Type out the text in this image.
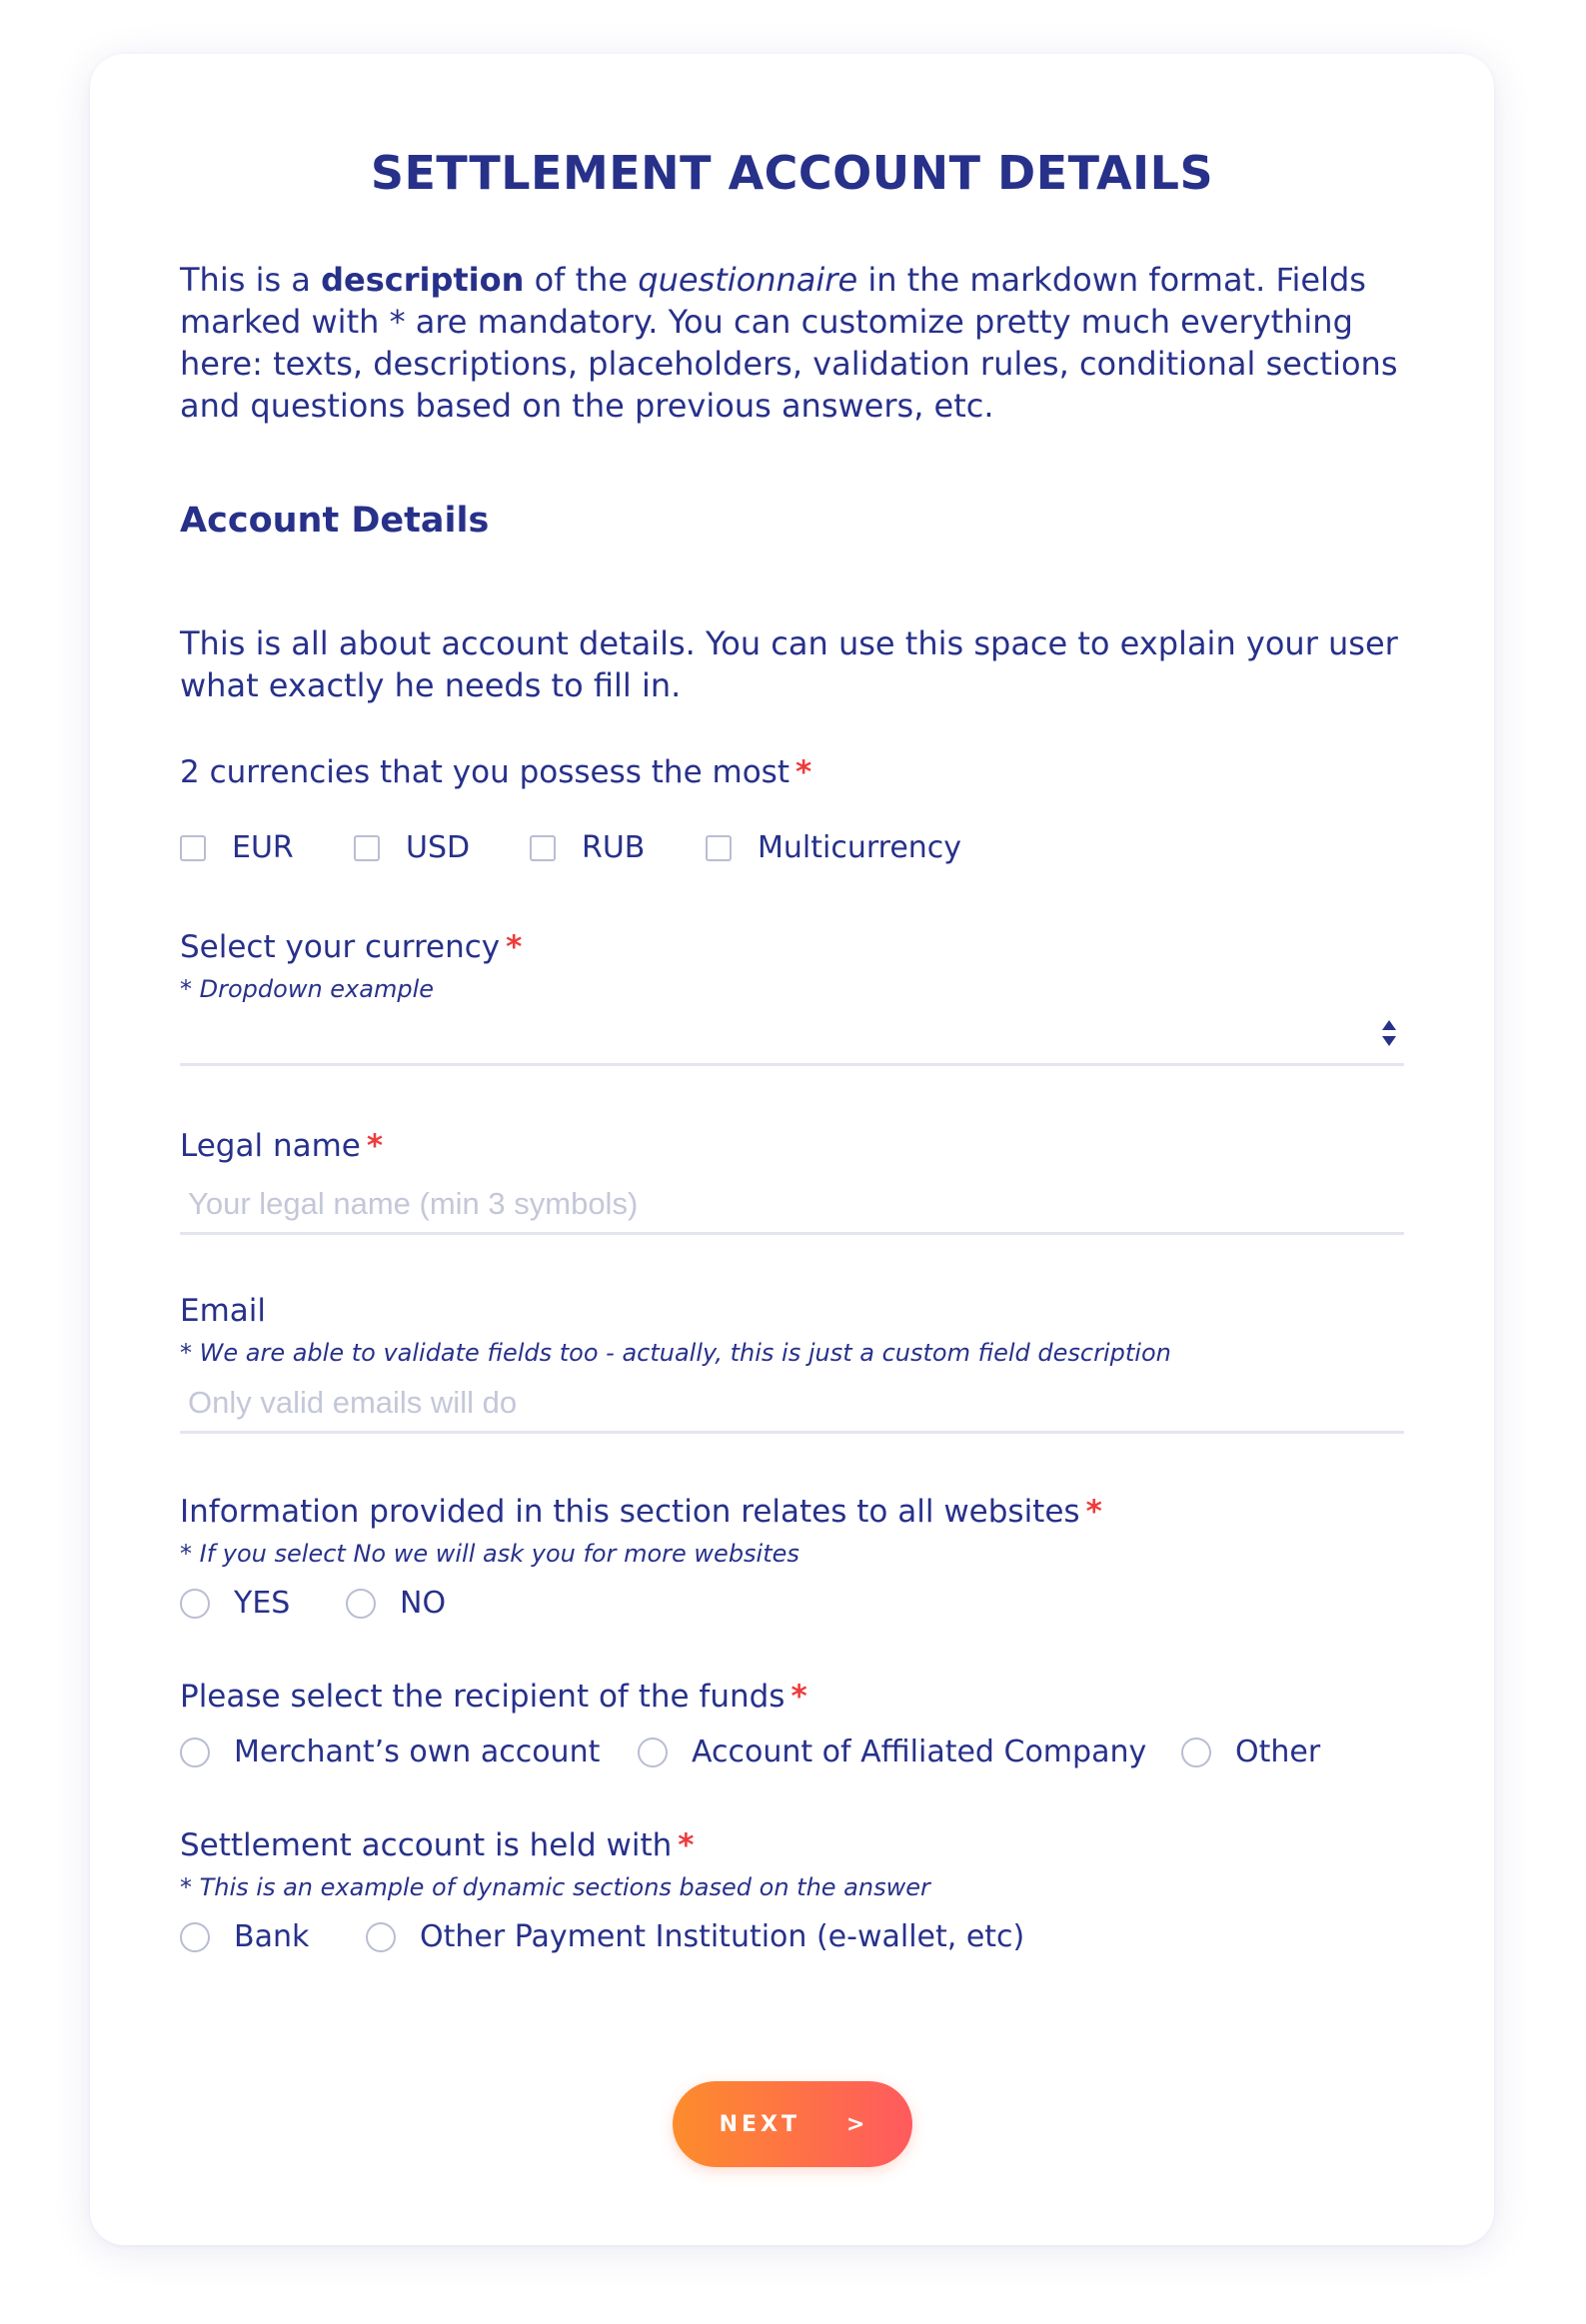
SETTLEMENT ACCOUNT DETAILS
This is a description of the questionnaire in the markdown format. Fields marked with * are mandatory. You can customize pretty much everything here: texts, descriptions, placeholders, validation rules, conditional sections and questions based on the previous answers, etc.
Account Details
This is all about account details. You can use this space to explain your user what exactly he needs to fill in.
2 currencies that you possess the most *
EUR	USD	RUB	Multicurrency
Select your currency *
* Dropdown example
Legal name *
Your legal name (min 3 symbols)
Email
* We are able to validate fields too - actually, this is just a custom field description
Only valid emails will do
Information provided in this section relates to all websites *
* If you select No we will ask you for more websites
YES	NO
Please select the recipient of the funds *
Merchant’s own account	Account of Affiliated Company	Other
Settlement account is held with *
* This is an example of dynamic sections based on the answer
Bank	Other Payment Institution (e-wallet, etc)
NEXT >
